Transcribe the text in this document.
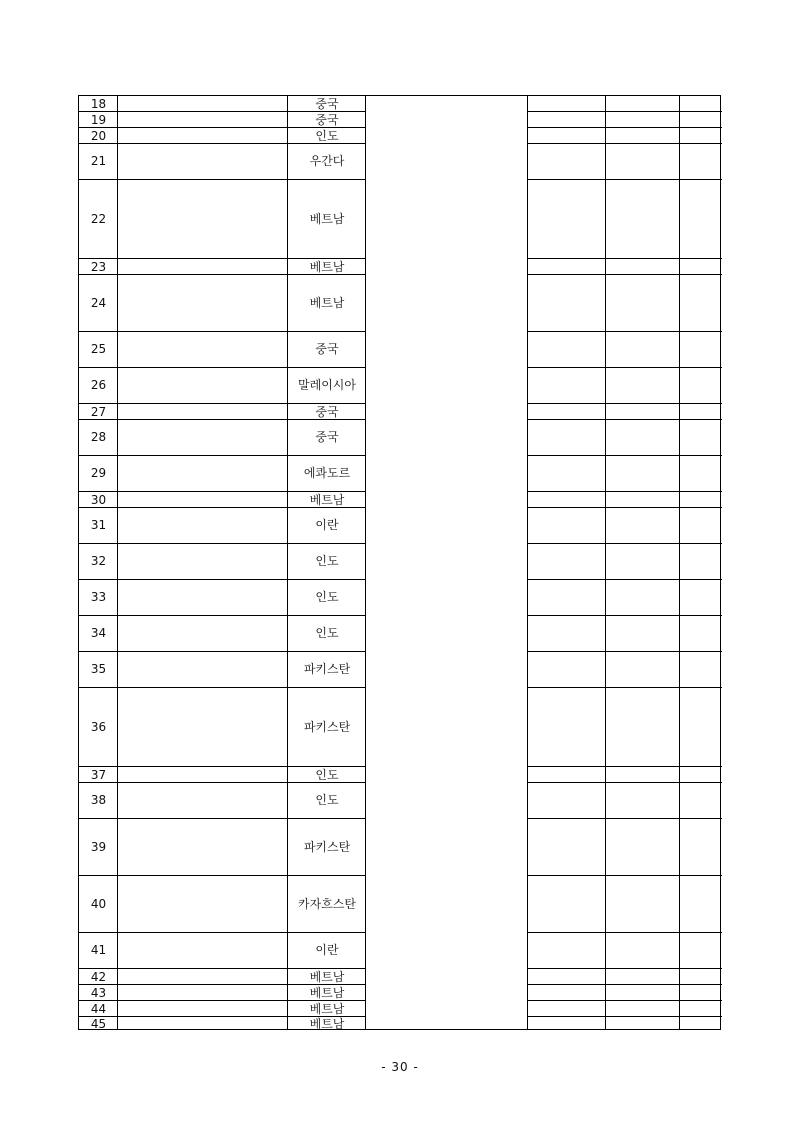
18	중국
19	중국
20	인도
21	우간다
22	베트남
23	베트남
24	베트남
25	중국
26	말레이시아
27	중국
28	중국
29	에콰도르
30	베트남
31	이란
32	인도
33	인도
34	인도
35	파키스탄
36	파키스탄
37	인도
38	인도
39	파키스탄
40	카자흐스탄
41	이란
42	베트남
43	베트남
44	베트남
45	베트남
- 30 -
